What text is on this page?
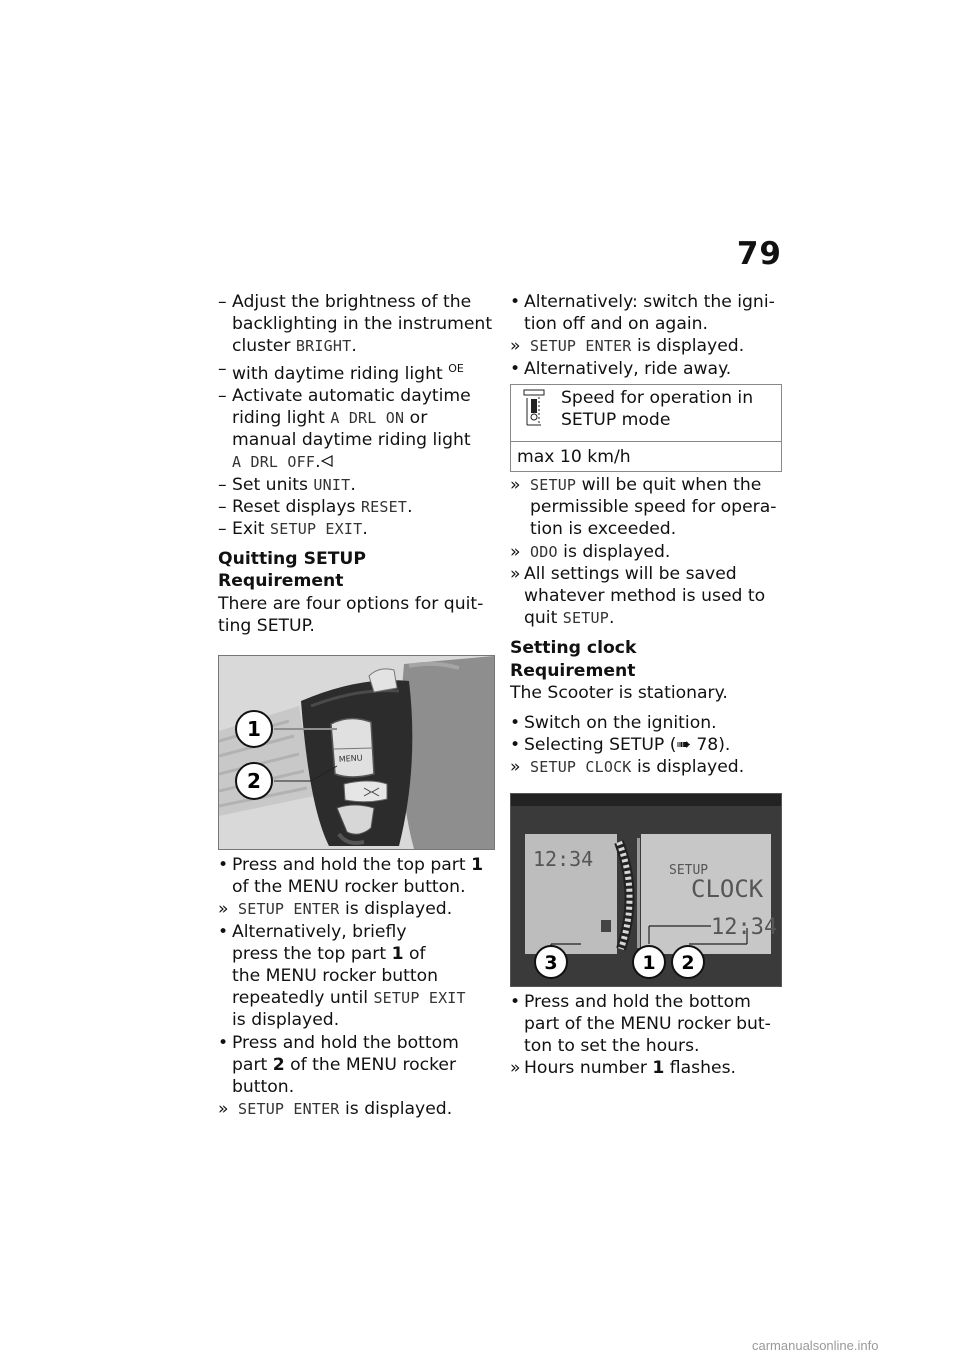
79
– Adjust the brightness of the
backlighting in the instrument
cluster BRIGHT.
– with daytime riding light $^{OE}$
– Activate automatic daytime
riding light A DRL ON or
manual daytime riding light
A DRL OFF.
– Set units UNIT.
– Reset displays RESET.
– Exit SETUP EXIT.
Quitting SETUP
Requirement
There are four options for quit-
ting SETUP.
MENU
1
2
• Press and hold the top part 1
of the MENU rocker button.
» SETUP ENTER is displayed.
• Alternatively, briefly
press the top part 1 of
the MENU rocker button
repeatedly until SETUP EXIT
is displayed.
• Press and hold the bottom
part 2 of the MENU rocker
button.
» SETUP ENTER is displayed.
• Alternatively: switch the igni-
tion off and on again.
» SETUP ENTER is displayed.
• Alternatively, ride away.
Speed for operation in
SETUP mode
max 10 km/h
» SETUP will be quit when the
permissible speed for opera-
tion is exceeded.
» ODO is displayed.
» All settings will be saved
whatever method is used to
quit SETUP.
Setting clock
Requirement
The Scooter is stationary.
• Switch on the ignition.
• Selecting SETUP (➠ 78).
» SETUP CLOCK is displayed.
12:34	SETUP
CLOCK
12:34
3	1 2
• Press and hold the bottom
part of the MENU rocker but-
ton to set the hours.
» Hours number 1 flashes.
carmanualsonline.info
